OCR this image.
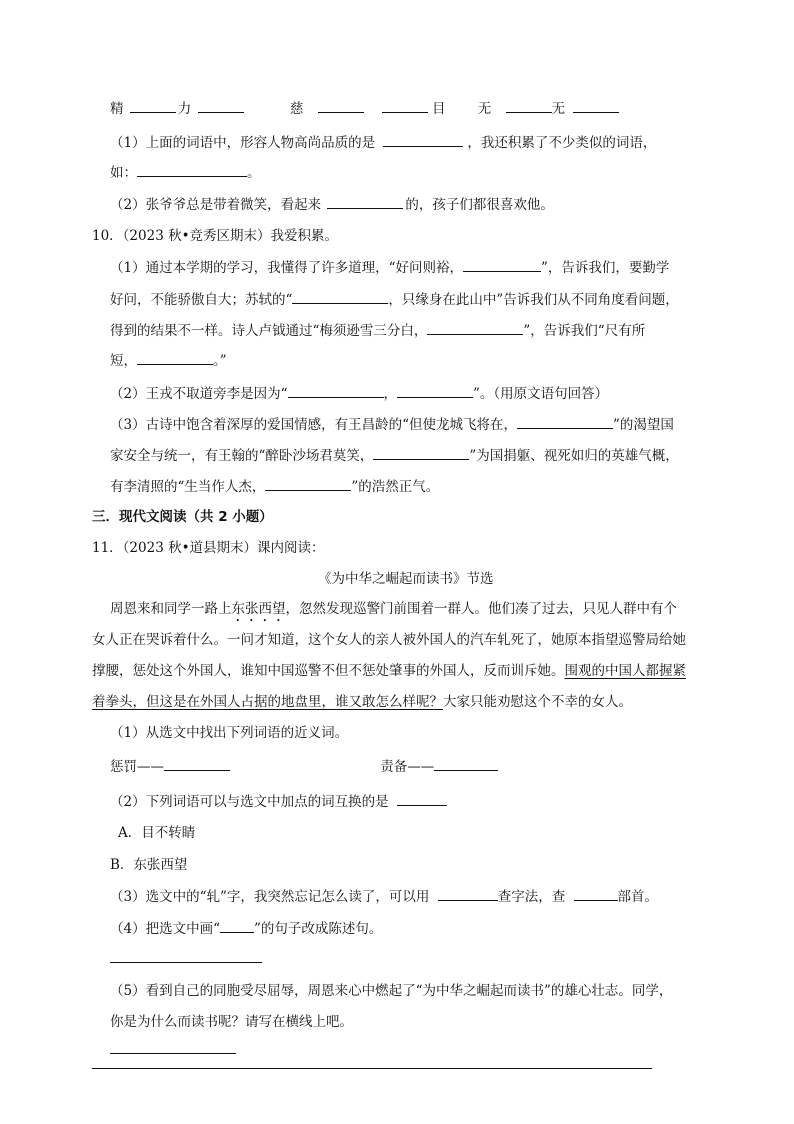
精	力	慈	目 无	无
（1）上面的词语中，形容人物高尚品质的是	，我还积累了不少类似的词语，
如：	。
（2）张爷爷总是带着微笑，看起来	的，孩子们都很喜欢他。
10．（2023 秋•竞秀区期末）我爱积累。
（1）通过本学期的学习，我懂得了许多道理，“好问则裕，	”，告诉我们，要勤学
好问，不能骄傲自大；苏轼的“	，只缘身在此山中”告诉我们从不同角度看问题，
得到的结果不一样。诗人卢钺通过“梅须逊雪三分白，	”，告诉我们“尺有所
短，	。”
（2）王戎不取道旁李是因为“	，	”。（用原文语句回答）
（3）古诗中饱含着深厚的爱国情感，有王昌龄的“但使龙城飞将在，	”的渴望国
家安全与统一，有王翰的“醉卧沙场君莫笑，	”为国捐躯、视死如归的英雄气概，
有李清照的“生当作人杰，	”的浩然正气。
三．现代文阅读（共 2 小题）
11．（2023 秋•道县期末）课内阅读：
《为中华之崛起而读书》节选
周恩来和同学一路上东张西望，忽然发现巡警门前围着一群人。他们凑了过去，只见人群中有个
女人正在哭诉着什么。一问才知道，这个女人的亲人被外国人的汽车轧死了，她原本指望巡警局给她
撑腰，惩处这个外国人，谁知中国巡警不但不惩处肇事的外国人，反而训斥她。围观的中国人都握紧
着拳头，但这是在外国人占据的地盘里，谁又敢怎么样呢？大家只能劝慰这个不幸的女人。
（1）从选文中找出下列词语的近义词。
惩罚——	责备——
（2）下列词语可以与选文中加点的词互换的是
A．目不转睛
B．东张西望
（3）选文中的“轧”字，我突然忘记怎么读了，可以用	查字法，查	部首。
（4）把选文中画“	”的句子改成陈述句。
（5）看到自己的同胞受尽屈辱，周恩来心中燃起了“为中华之崛起而读书”的雄心壮志。同学，
你是为什么而读书呢？请写在横线上吧。
